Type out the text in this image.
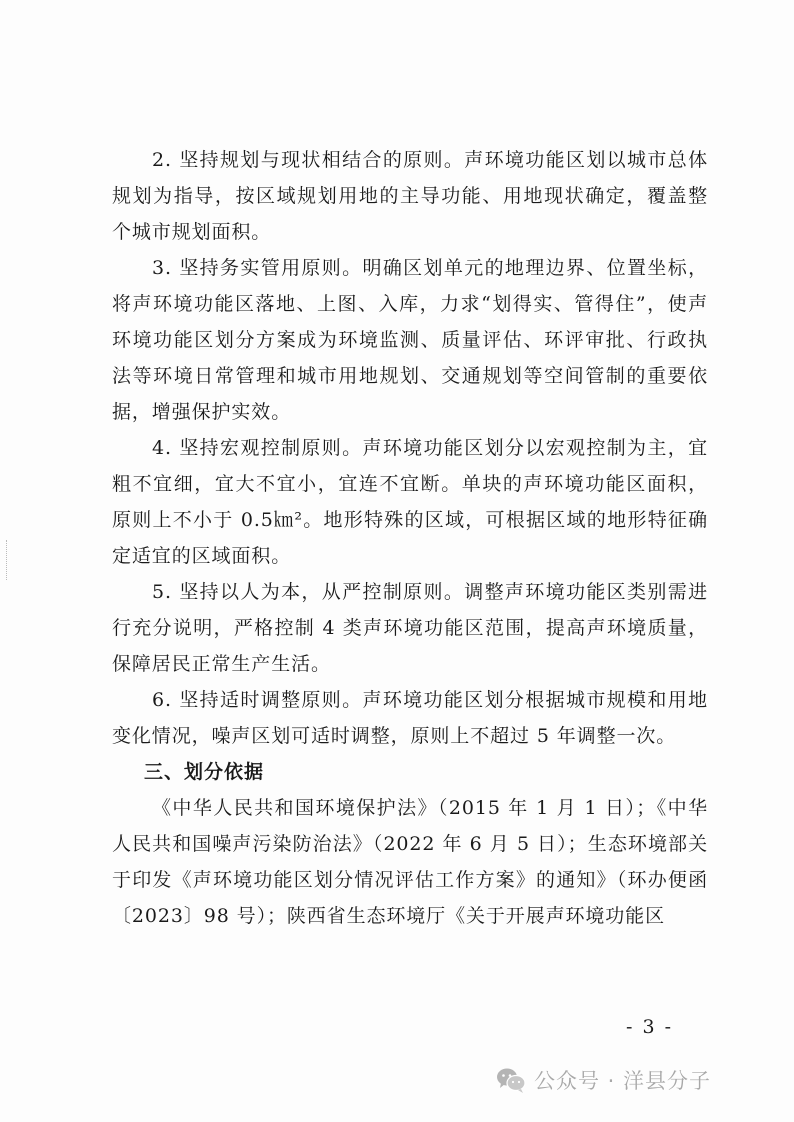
2. 坚持规划与现状相结合的原则。声环境功能区划以城市总体规划为指导，按区域规划用地的主导功能、用地现状确定，覆盖整个城市规划面积。

3. 坚持务实管用原则。明确区划单元的地理边界、位置坐标，将声环境功能区落地、上图、入库，力求“划得实、管得住”，使声环境功能区划分方案成为环境监测、质量评估、环评审批、行政执法等环境日常管理和城市用地规划、交通规划等空间管制的重要依据，增强保护实效。

4. 坚持宏观控制原则。声环境功能区划分以宏观控制为主，宜粗不宜细，宜大不宜小，宜连不宜断。单块的声环境功能区面积，原则上不小于 0.5㎞²。地形特殊的区域，可根据区域的地形特征确定适宜的区域面积。

5. 坚持以人为本，从严控制原则。调整声环境功能区类别需进行充分说明，严格控制 4 类声环境功能区范围，提高声环境质量，保障居民正常生产生活。

6. 坚持适时调整原则。声环境功能区划分根据城市规模和用地变化情况，噪声区划可适时调整，原则上不超过 5 年调整一次。

三、划分依据

《中华人民共和国环境保护法》（2015 年 1 月 1 日）；《中华人民共和国噪声污染防治法》（2022 年 6 月 5 日）；生态环境部关于印发《声环境功能区划分情况评估工作方案》的通知》（环办便函〔2023〕98 号）；陕西省生态环境厅《关于开展声环境功能区

- 3 -
公众号 · 洋县分子
